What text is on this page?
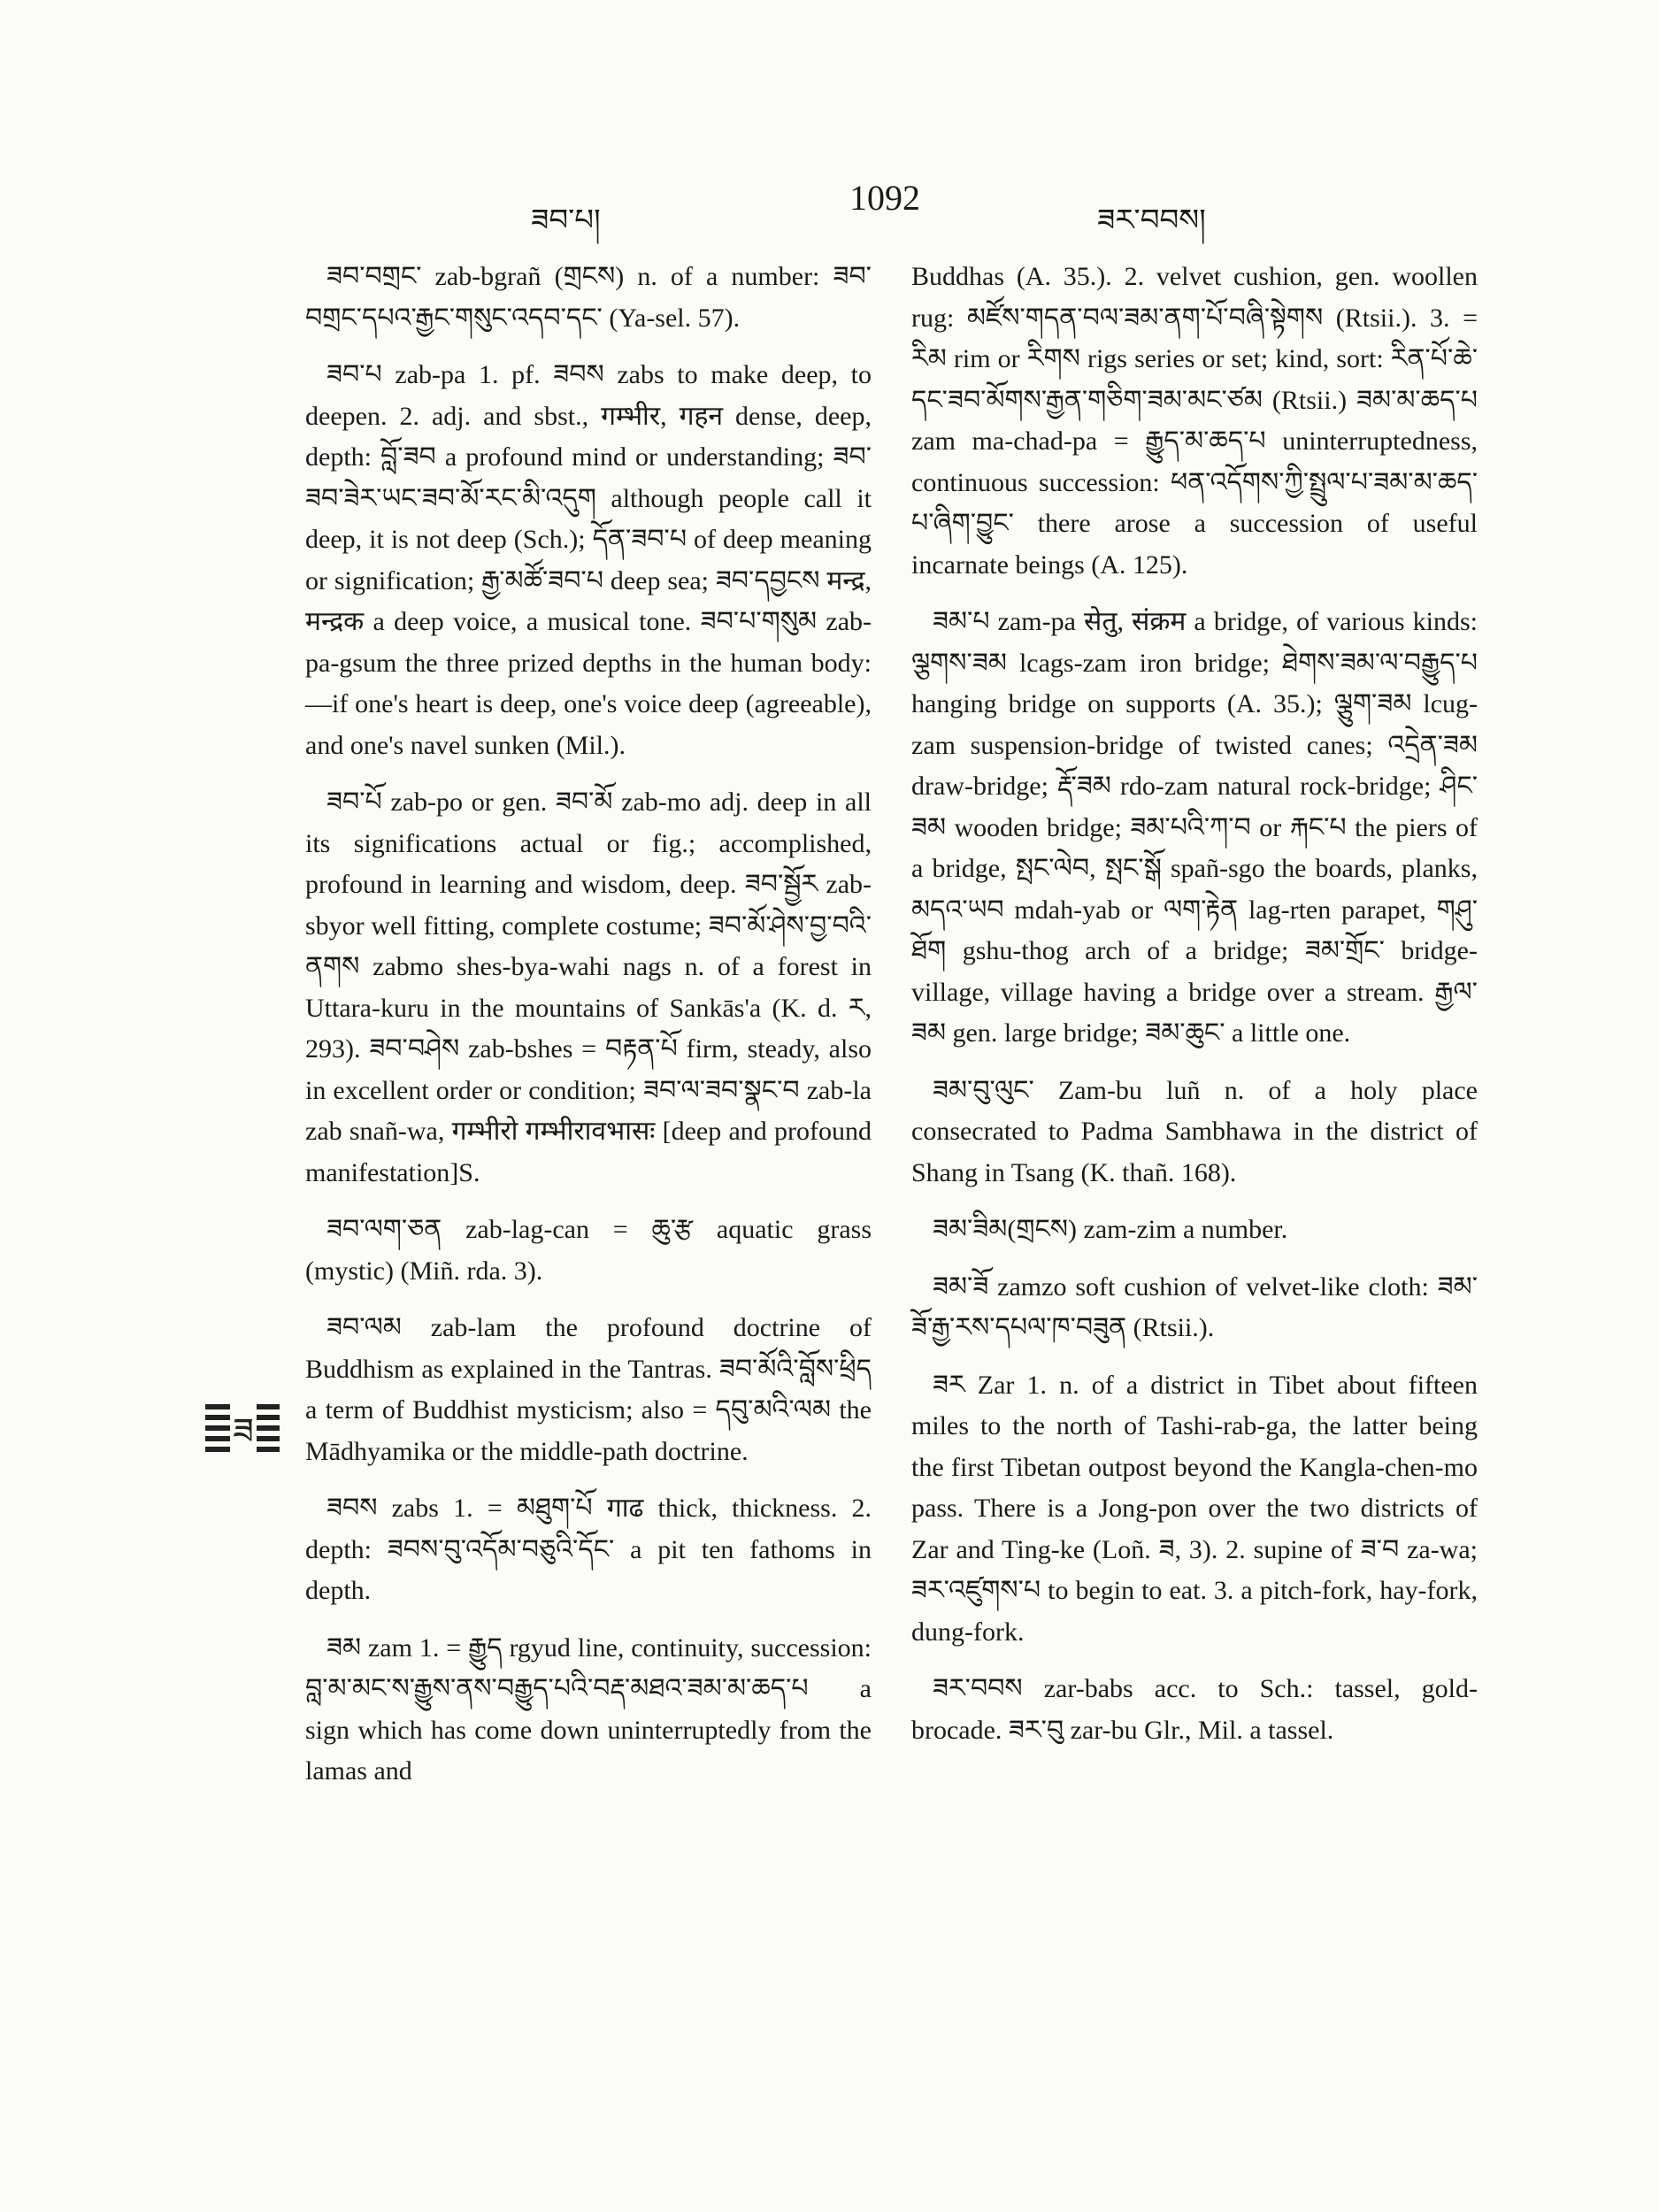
ཟབ་པ།
1092
ཟར་བབས།
ཟ

ཟབ་བགྲང་ zab-bgrañ (གྲངས) n. of a number: ཟབ་བགྲང་དཔའ་རྒྱང་གསུང་འདབ་དང་ (Ya-sel. 57).

ཟབ་པ zab-pa 1. pf. ཟབས zabs to make deep, to deepen. 2. adj. and sbst., गम्भीर, गहन dense, deep, depth: བློ་ཟབ a profound mind or understanding; ཟབ་ཟབ་ཟེར་ཡང་ཟབ་མོ་རང་མི་འདུག although people call it deep, it is not deep (Sch.); དོན་ཟབ་པ of deep meaning or signification; རྒྱ་མཚོ་ཟབ་པ deep sea; ཟབ་དབྱངས मन्द्र, मन्द्रक a deep voice, a musical tone. ཟབ་པ་གསུམ zab-pa-gsum the three prized depths in the human body:—if one's heart is deep, one's voice deep (agreeable), and one's navel sunken (Mil.).

ཟབ་པོ zab-po or gen. ཟབ་མོ zab-mo adj. deep in all its significations actual or fig.; accomplished, profound in learning and wisdom, deep. ཟབ་སྦྱོར zab-sbyor well fitting, complete costume; ཟབ་མོ་ཤེས་བྱ་བའི་ནགས zabmo shes-bya-wahi nags n. of a forest in Uttara-kuru in the mountains of Sankās'a (K. d. ར, 293). ཟབ་བཤེས zab-bshes = བརྟན་པོ firm, steady, also in excellent order or condition; ཟབ་ལ་ཟབ་སྣང་བ zab-la zab snañ-wa, गम्भीरो गम्भीरावभासः [deep and profound manifestation]S.

ཟབ་ལག་ཅན zab-lag-can = ཆུ་རྩ aquatic grass (mystic) (Miñ. rda. 3).

ཟབ་ལམ zab-lam the profound doctrine of Buddhism as explained in the Tantras. ཟབ་མོའི་བློས་ཕྲིད a term of Buddhist mysticism; also = དབུ་མའི་ལམ the Mādhyamika or the middle-path doctrine.

ཟབས zabs 1. = མཐུག་པོ गाढ thick, thickness. 2. depth: ཟབས་བུ་འདོམ་བཅུའི་དོང་ a pit ten fathoms in depth.

ཟམ zam 1. = རྒྱུད rgyud line, continuity, succession: བླ་མ་མང་ས་རྒྱུས་ནས་བརྒྱུད་པའི་བརྡ་མཐའ་ཟམ་མ་ཆད་པ a sign which has come down uninterruptedly from the lamas and

Buddhas (A. 35.). 2. velvet cushion, gen. woollen rug: མཛོས་གདན་བལ་ཟམ་ནག་པོ་བཞི་སྟེགས (Rtsii.). 3. = རིམ rim or རིགས rigs series or set; kind, sort: རིན་པོ་ཆེ་དང་ཟབ་མོགས་རྒྱན་གཅིག་ཟམ་མང་ཙམ (Rtsii.) ཟམ་མ་ཆད་པ zam ma-chad-pa = རྒྱུད་མ་ཆད་པ uninterruptedness, continuous succession: ཕན་འདོགས་ཀྱི་སྤྲུལ་པ་ཟམ་མ་ཆད་པ་ཞིག་བྱུང་ there arose a succession of useful incarnate beings (A. 125).

ཟམ་པ zam-pa सेतु, संक्रम a bridge, of various kinds: ལྕགས་ཟམ lcags-zam iron bridge; ཐེགས་ཟམ་ལ་བརྒྱུད་པ hanging bridge on supports (A. 35.); ལྕུག་ཟམ lcug-zam suspension-bridge of twisted canes; འདྲེན་ཟམ draw-bridge; རྡོ་ཟམ rdo-zam natural rock-bridge; ཤིང་ཟམ wooden bridge; ཟམ་པའི་ཀ་བ or རྐང་པ the piers of a bridge, སྤང་ལེབ, སྤང་སྒོ spañ-sgo the boards, planks, མདའ་ཡབ mdah-yab or ལག་རྟེན lag-rten parapet, གཤུ་ཐོག gshu-thog arch of a bridge; ཟམ་གྲོང་ bridge-village, village having a bridge over a stream. རྒྱལ་ཟམ gen. large bridge; ཟམ་ཆུང་ a little one.

ཟམ་བུ་ལུང་ Zam-bu luñ n. of a holy place consecrated to Padma Sambhawa in the district of Shang in Tsang (K. thañ. 168).

ཟམ་ཟིམ(གྲངས) zam-zim a number.

ཟམ་ཟོ zamzo soft cushion of velvet-like cloth: ཟམ་ཟོ་རྒྱ་རས་དཔལ་ཁ་བཟུན (Rtsii.).

ཟར Zar 1. n. of a district in Tibet about fifteen miles to the north of Tashi-rab-ga, the latter being the first Tibetan outpost beyond the Kangla-chen-mo pass. There is a Jong-pon over the two districts of Zar and Ting-ke (Loñ. ཟ, 3). 2. supine of ཟ་བ za-wa; ཟར་འཛུགས་པ to begin to eat. 3. a pitch-fork, hay-fork, dung-fork.

ཟར་བབས zar-babs acc. to Sch.: tassel, gold-brocade. ཟར་བུ zar-bu Glr., Mil. a tassel.
